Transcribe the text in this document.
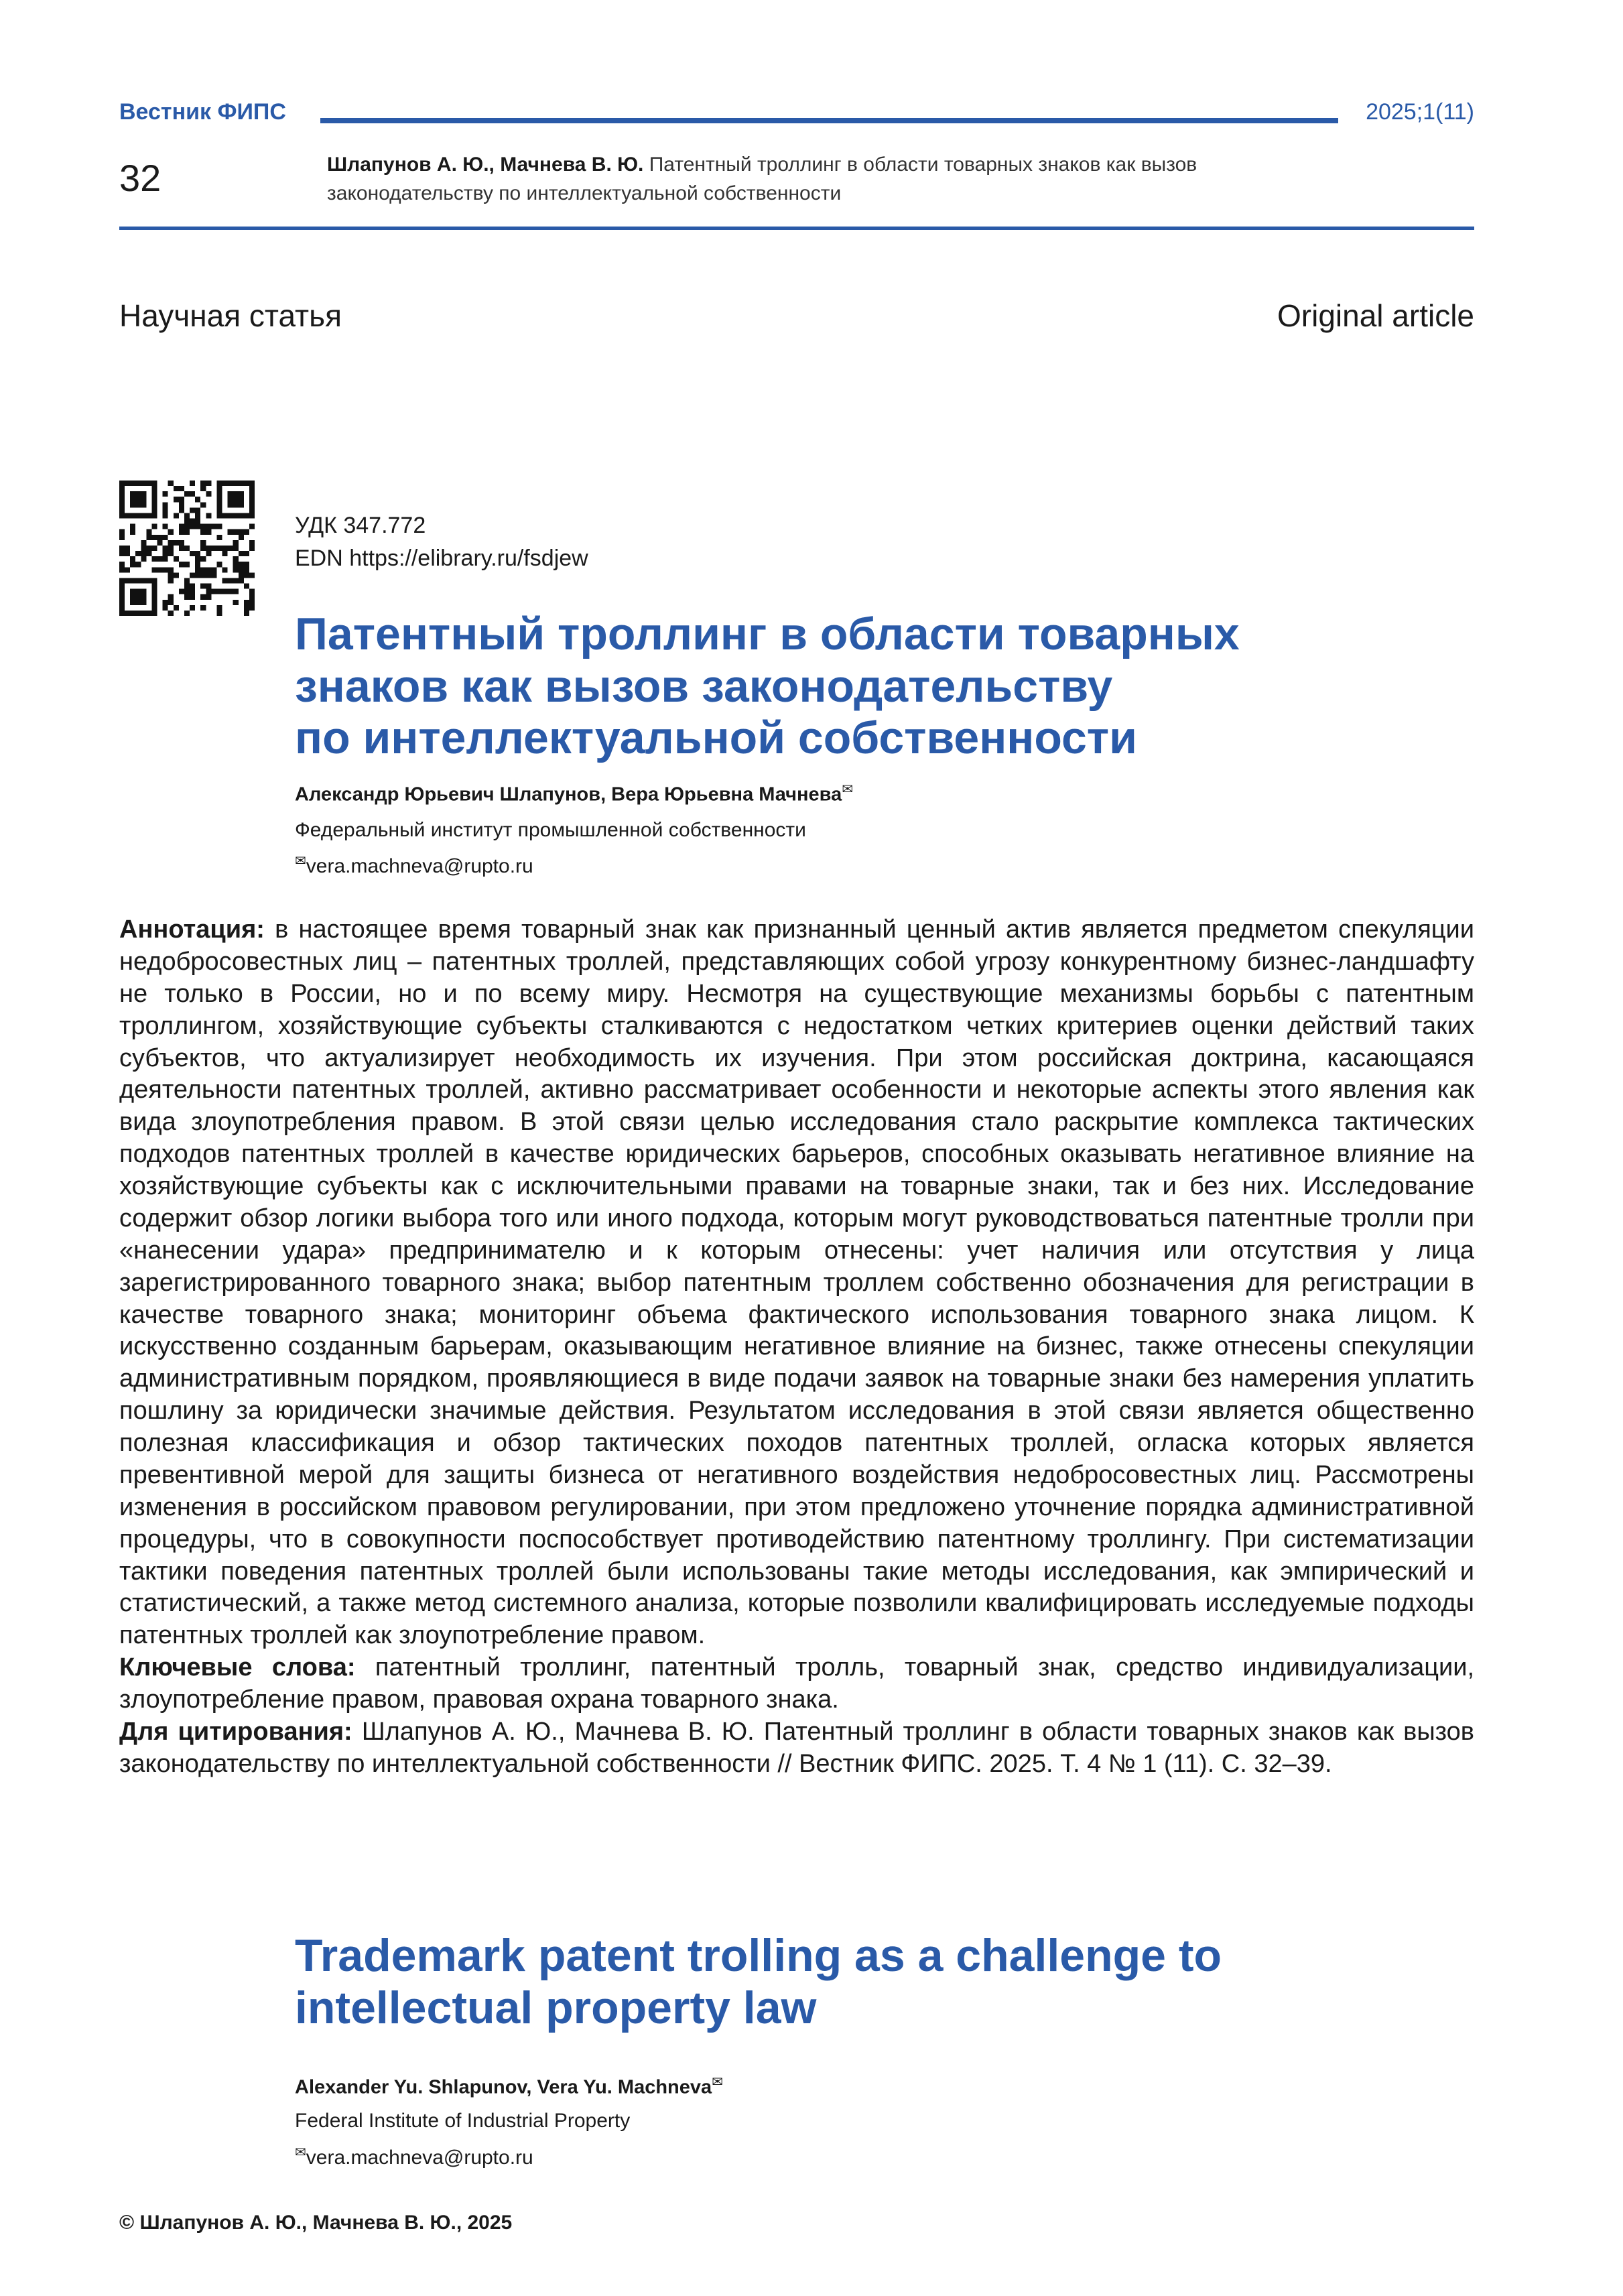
Вестник ФИПС	2025;1(11)
32	Шлапунов А. Ю., Мачнева В. Ю. Патентный троллинг в области товарных знаков как вызов
законодательству по интеллектуальной собственности
Научная статья	Original article
УДК 347.772
EDN https://elibrary.ru/fsdjew
Патентный троллинг в области товарных
знаков как вызов законодательству
по интеллектуальной собственности
Александр Юрьевич Шлапунов, Вера Юрьевна Мачнева✉
Федеральный институт промышленной собственности
✉vera.machneva@rupto.ru

Аннотация: в настоящее время товарный знак как признанный ценный актив является предметом спекуляции недобросовестных лиц – патентных троллей, представляющих собой угрозу конкурентному бизнес-ландшафту не только в России, но и по всему миру. Несмотря на существующие механизмы борьбы с патентным троллингом, хозяйствующие субъекты сталкиваются с недостатком четких критериев оценки действий таких субъектов, что актуализирует необходимость их изучения. При этом российская доктрина, касающаяся деятельности патентных троллей, активно рассматривает особенности и некоторые аспекты этого явления как вида злоупотребления правом. В этой связи целью исследования стало раскрытие комплекса тактических подходов патентных троллей в качестве юридических барьеров, способных оказывать негативное влияние на хозяйствующие субъекты как с исключительными правами на товарные знаки, так и без них. Исследование содержит обзор логики выбора того или иного подхода, которым могут руководствоваться патентные тролли при «нанесении удара» предпринимателю и к которым отнесены: учет наличия или отсутствия у лица зарегистрированного товарного знака; выбор патентным троллем собственно обозначения для регистрации в качестве товарного знака; мониторинг объема фактического использования товарного знака лицом. К искусственно созданным барьерам, оказывающим негативное влияние на бизнес, также отнесены спекуляции административным порядком, проявляющиеся в виде подачи заявок на товарные знаки без намерения уплатить пошлину за юридически значимые действия. Результатом исследования в этой связи является общественно полезная классификация и обзор тактических походов патентных троллей, огласка которых является превентивной мерой для защиты бизнеса от негативного воздействия недобросовестных лиц. Рассмотрены изменения в российском правовом регулировании, при этом предложено уточнение порядка административной процедуры, что в совокупности поспособствует противодействию патентному троллингу. При систематизации тактики поведения патентных троллей были использованы такие методы исследования, как эмпирический и статистический, а также метод системного анализа, которые позволили квалифицировать исследуемые подходы патентных троллей как злоупотребление правом.

Ключевые слова: патентный троллинг, патентный тролль, товарный знак, средство индивидуализации, злоупотребление правом, правовая охрана товарного знака.

Для цитирования: Шлапунов А. Ю., Мачнева В. Ю. Патентный троллинг в области товарных знаков как вызов законодательству по интеллектуальной собственности // Вестник ФИПС. 2025. Т. 4 № 1 (11). С. 32–39.

Trademark patent trolling as a challenge to
intellectual property law
Alexander Yu. Shlapunov, Vera Yu. Machneva✉
Federal Institute of Industrial Property
✉vera.machneva@rupto.ru
© Шлапунов А. Ю., Мачнева В. Ю., 2025
